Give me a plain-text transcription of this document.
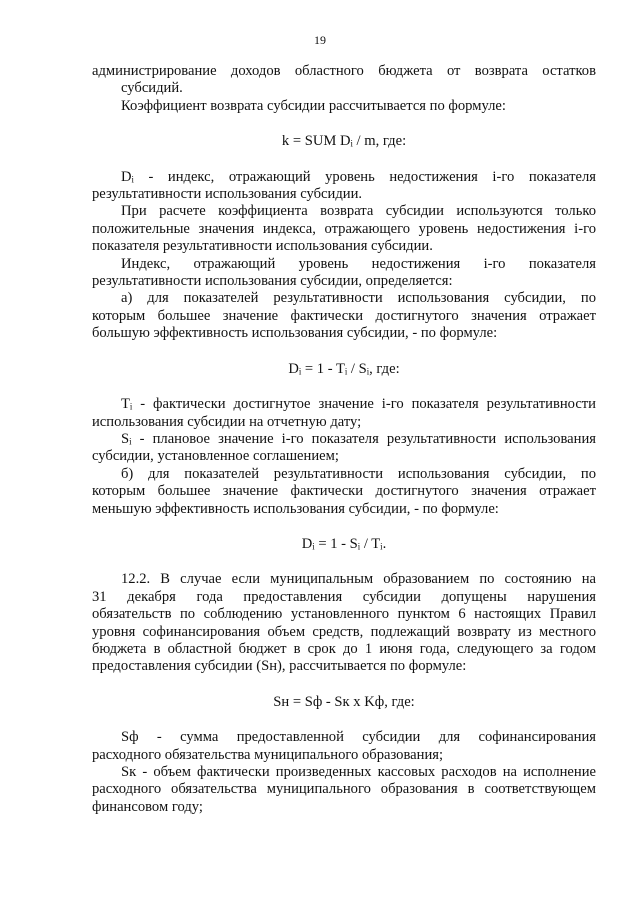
19
администрирование доходов областного бюджета от возврата остатков
субсидий.
Коэффициент возврата субсидии рассчитывается по формуле:
k = SUM Dᵢ / m, где:
Dᵢ - индекс, отражающий уровень недостижения i-го показателя
результативности использования субсидии.
При расчете коэффициента возврата субсидии используются только
положительные значения индекса, отражающего уровень недостижения i-го
показателя результативности использования субсидии.
Индекс, отражающий уровень недостижения i-го показателя
результативности использования субсидии, определяется:
а) для показателей результативности использования субсидии, по
которым большее значение фактически достигнутого значения отражает
большую эффективность использования субсидии, - по формуле:
Dᵢ = 1 - Tᵢ / Sᵢ, где:
Tᵢ - фактически достигнутое значение i-го показателя результативности
использования субсидии на отчетную дату;
Sᵢ - плановое значение i-го показателя результативности использования
субсидии, установленное соглашением;
б) для показателей результативности использования субсидии, по
которым большее значение фактически достигнутого значения отражает
меньшую эффективность использования субсидии, - по формуле:
Dᵢ = 1 - Sᵢ / Tᵢ.
12.2. В случае если муниципальным образованием по состоянию на
31 декабря года предоставления субсидии допущены нарушения
обязательств по соблюдению установленного пунктом 6 настоящих Правил
уровня софинансирования объем средств, подлежащий возврату из местного
бюджета в областной бюджет в срок до 1 июня года, следующего за годом
предоставления субсидии (Sн), рассчитывается по формуле:
Sн = Sф - Sк x Kф, где:
Sф - сумма предоставленной субсидии для софинансирования
расходного обязательства муниципального образования;
Sк - объем фактически произведенных кассовых расходов на исполнение
расходного обязательства муниципального образования в соответствующем
финансовом году;
